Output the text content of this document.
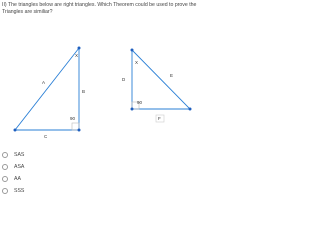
II) The triangles below are right triangles. Which Theorem could be used to prove the Triangles are similiar?

X
A
B
C
90
X
E
D
90
F
SAS
ASA
AA
SSS
